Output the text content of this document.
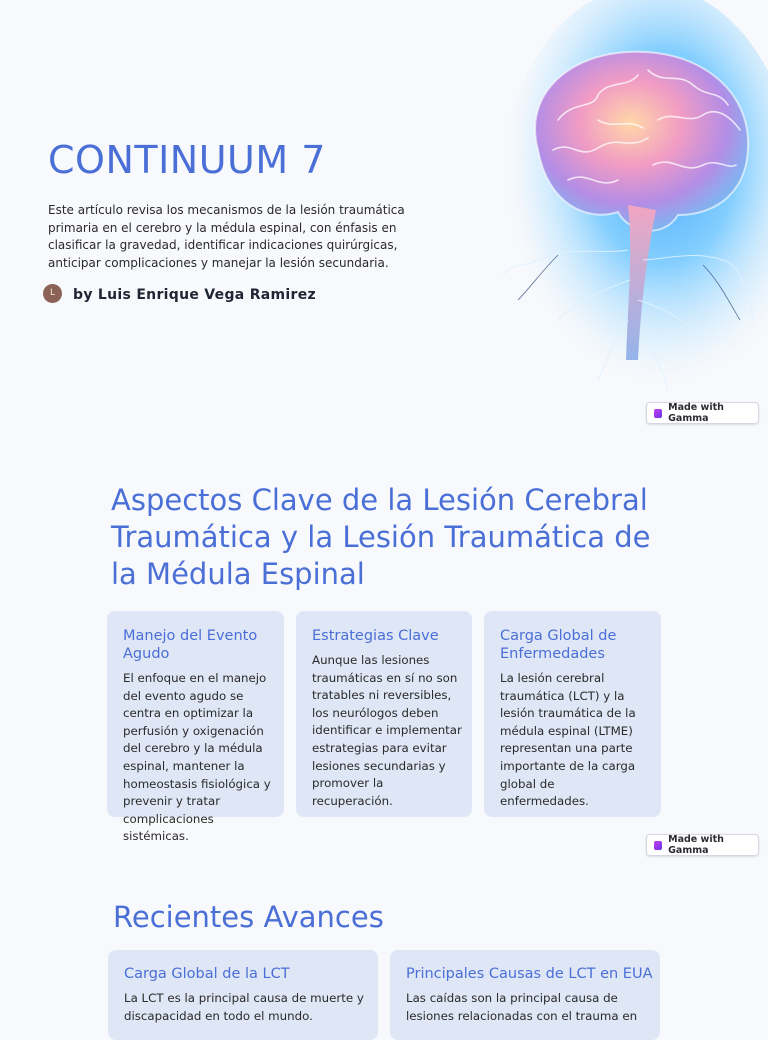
CONTINUUM 7

Este artículo revisa los mecanismos de la lesión traumática primaria en el cerebro y la médula espinal, con énfasis en clasificar la gravedad, identificar indicaciones quirúrgicas, anticipar complicaciones y manejar la lesión secundaria.

L	by Luis Enrique Vega Ramirez
Made with Gamma
Aspectos Clave de la Lesión Cerebral Traumática y la Lesión Traumática de la Médula Espinal
Manejo del Evento Agudo

El enfoque en el manejo del evento agudo se centra en optimizar la perfusión y oxigenación del cerebro y la médula espinal, mantener la homeostasis fisiológica y prevenir y tratar complicaciones sistémicas.

Estrategias Clave

Aunque las lesiones traumáticas en sí no son tratables ni reversibles, los neurólogos deben identificar e implementar estrategias para evitar lesiones secundarias y promover la recuperación.

Carga Global de Enfermedades

La lesión cerebral traumática (LCT) y la lesión traumática de la médula espinal (LTME) representan una parte importante de la carga global de enfermedades.

Made with Gamma
Recientes Avances
Carga Global de la LCT

La LCT es la principal causa de muerte y discapacidad en todo el mundo.

Principales Causas de LCT en EUA

Las caídas son la principal causa de lesiones relacionadas con el trauma en
